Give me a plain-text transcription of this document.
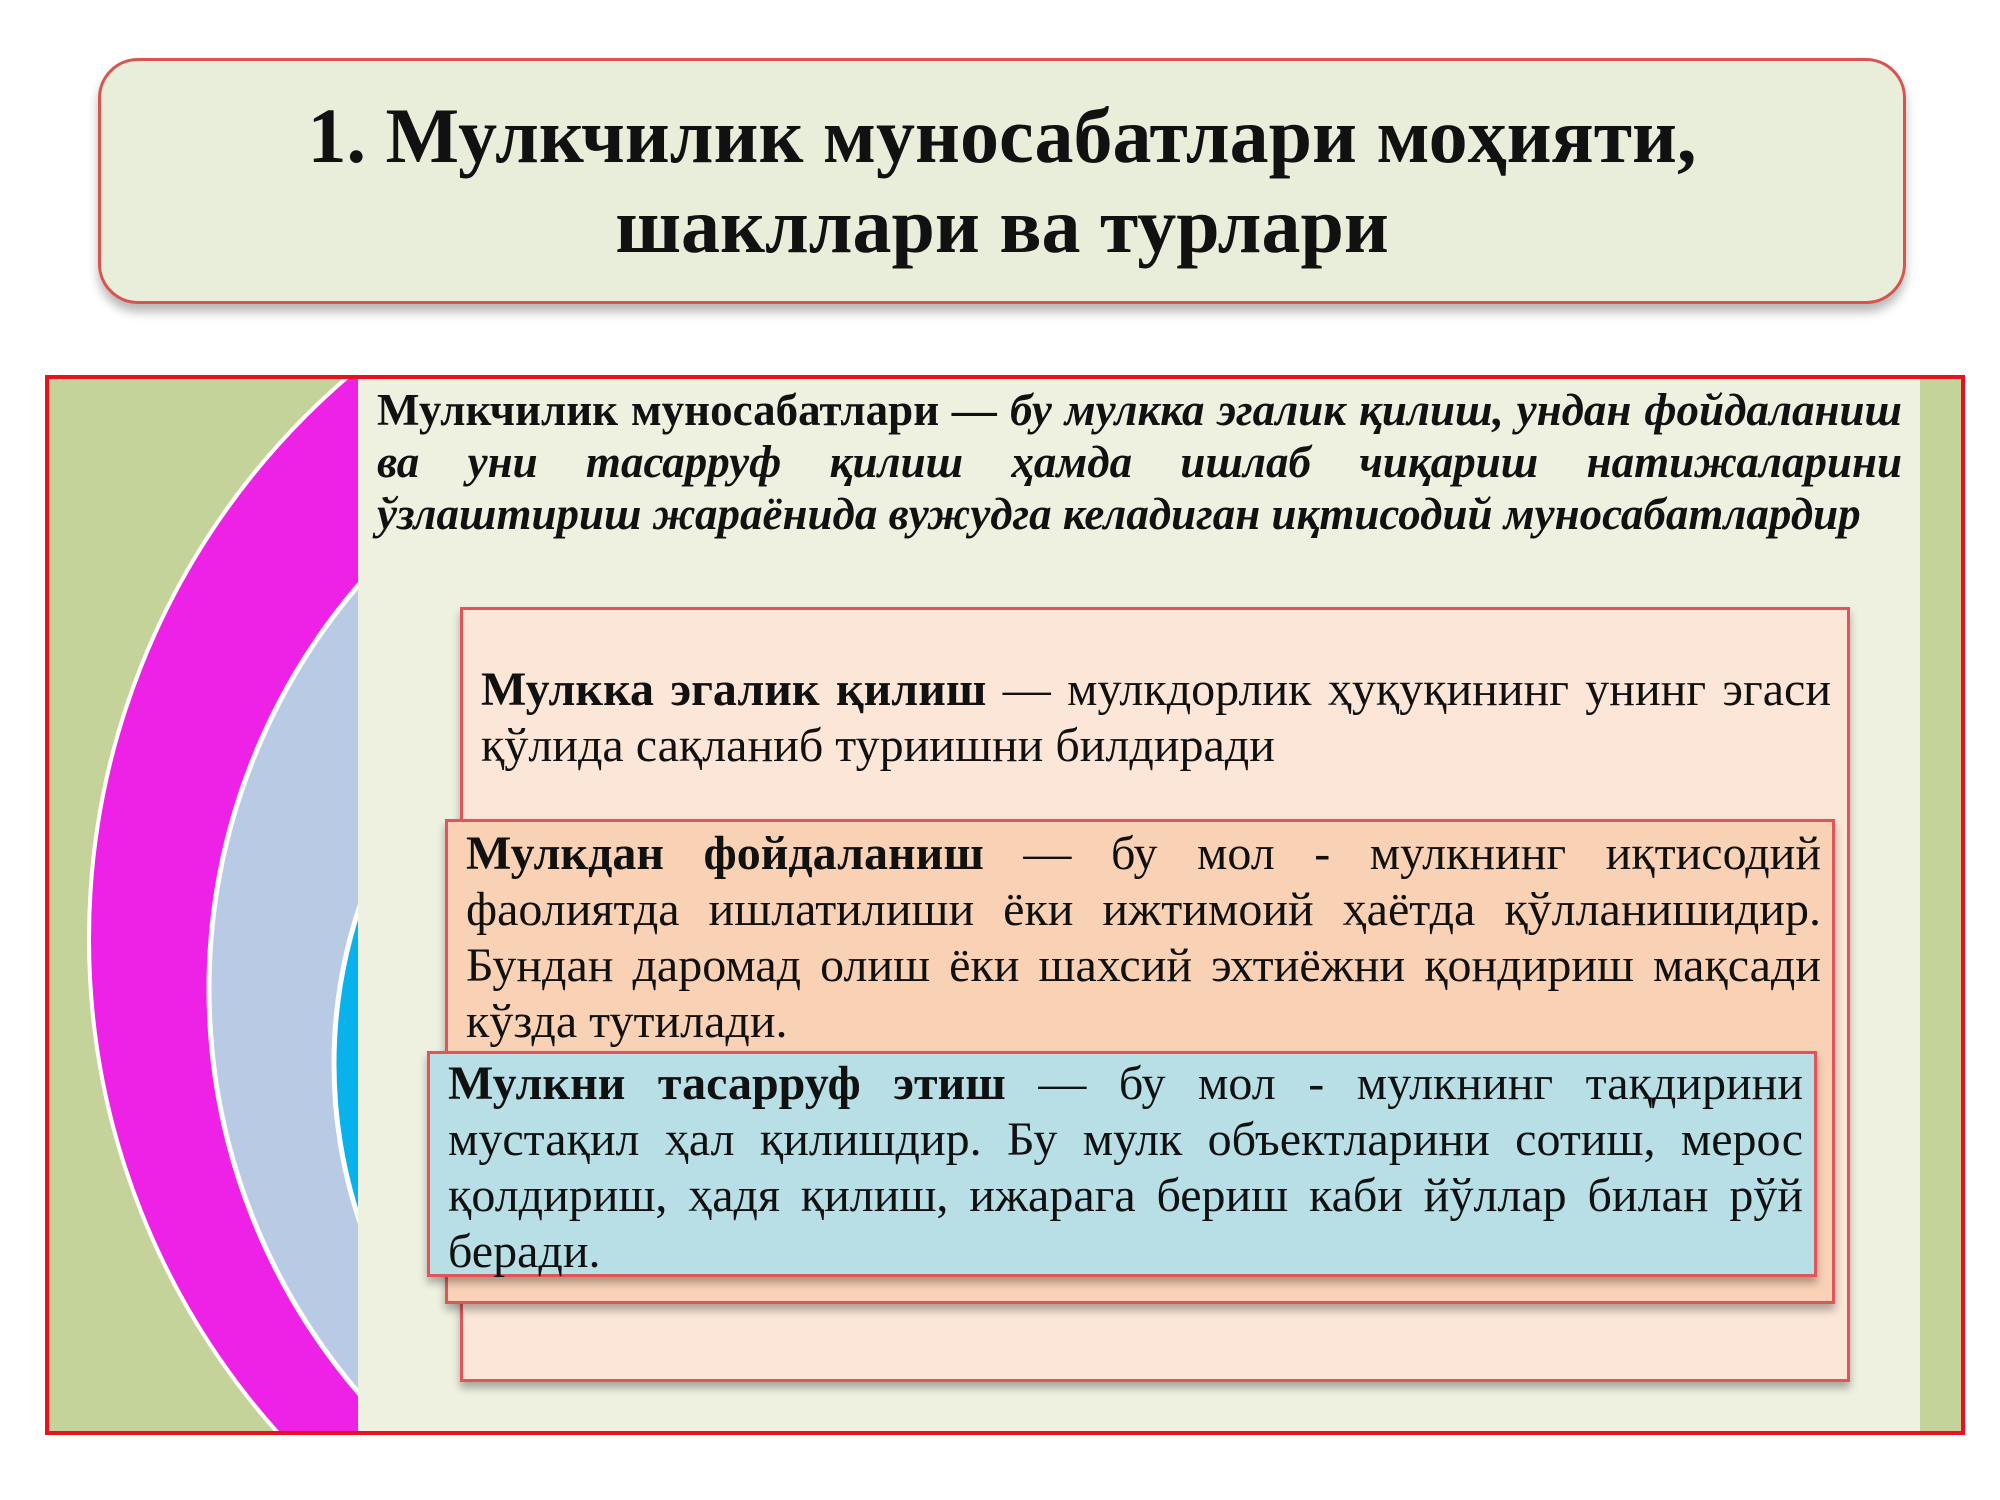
1. Мулкчилик муносабатлари моҳияти,
шакллари ва турлари

Мулкчилик муносабатлари — бу мулкка эгалик қилиш, ундан фойдаланиш ва уни тасарруф қилиш ҳамда ишлаб чиқариш натижаларини ўзлаштириш жараёнида вужудга келадиган иқтисодий муносабатлардир

Мулкка эгалик қилиш — мулкдорлик ҳуқуқининг унинг эгаси қўлида сақланиб туриишни билдиради

Мулкдан фойдаланиш — бу мол - мулкнинг иқтисодий фаолиятда ишлатилиши ёки ижтимоий ҳаётда қўлланишидир. Бундан даромад олиш ёки шахсий эхтиёжни қондириш мақсади кўзда тутилади.

Мулкни тасарруф этиш — бу мол - мулкнинг тақдирини мустақил ҳал қилишдир. Бу мулк объектларини сотиш, мерос қолдириш, ҳадя қилиш, ижарага бериш каби йўллар билан рўй беради.
